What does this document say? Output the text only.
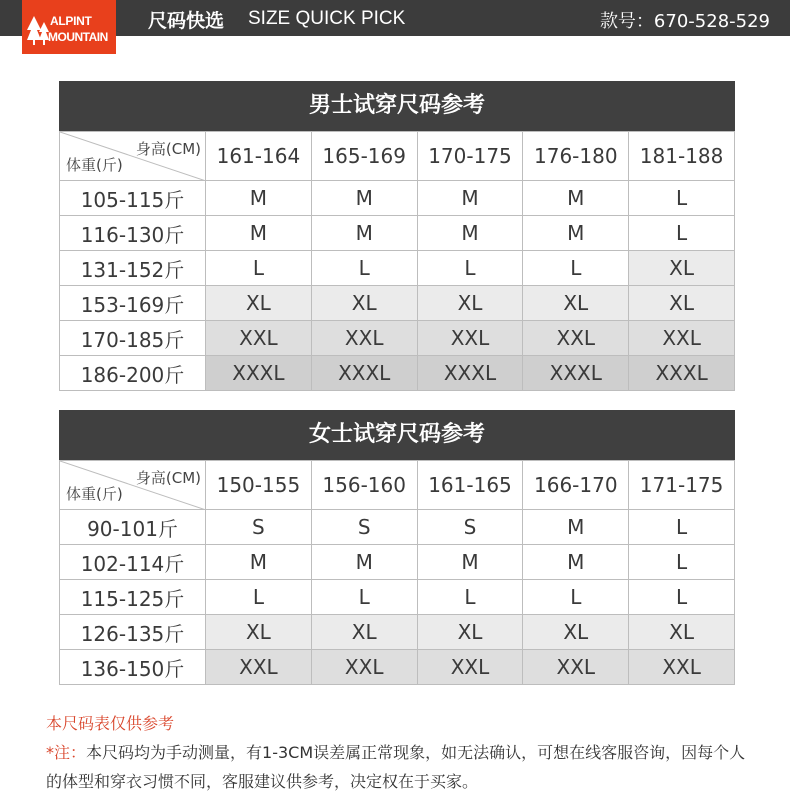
ALPINT
MOUNTAIN
尺码快选 SIZE QUICK PICK	款号：670-528-529
男士试穿尺码参考
身高(CM)
体重(斤)	161-164	165-169	170-175	176-180	181-188
105-115斤	M	M	M	M	L
116-130斤	M	M	M	M	L
131-152斤	L	L	L	L	XL
153-169斤	XL	XL	XL	XL	XL
170-185斤	XXL	XXL	XXL	XXL	XXL
186-200斤	XXXL	XXXL	XXXL	XXXL	XXXL
女士试穿尺码参考
身高(CM)
体重(斤)	150-155	156-160	161-165	166-170	171-175
90-101斤	S	S	S	M	L
102-114斤	M	M	M	M	L
115-125斤	L	L	L	L	L
126-135斤	XL	XL	XL	XL	XL
136-150斤	XXL	XXL	XXL	XXL	XXL
本尺码表仅供参考
*注：本尺码均为手动测量，有1-3CM误差属正常现象，如无法确认，可想在线客服咨询，因每个人的体型和穿衣习惯不同，客服建议供参考，决定权在于买家。
